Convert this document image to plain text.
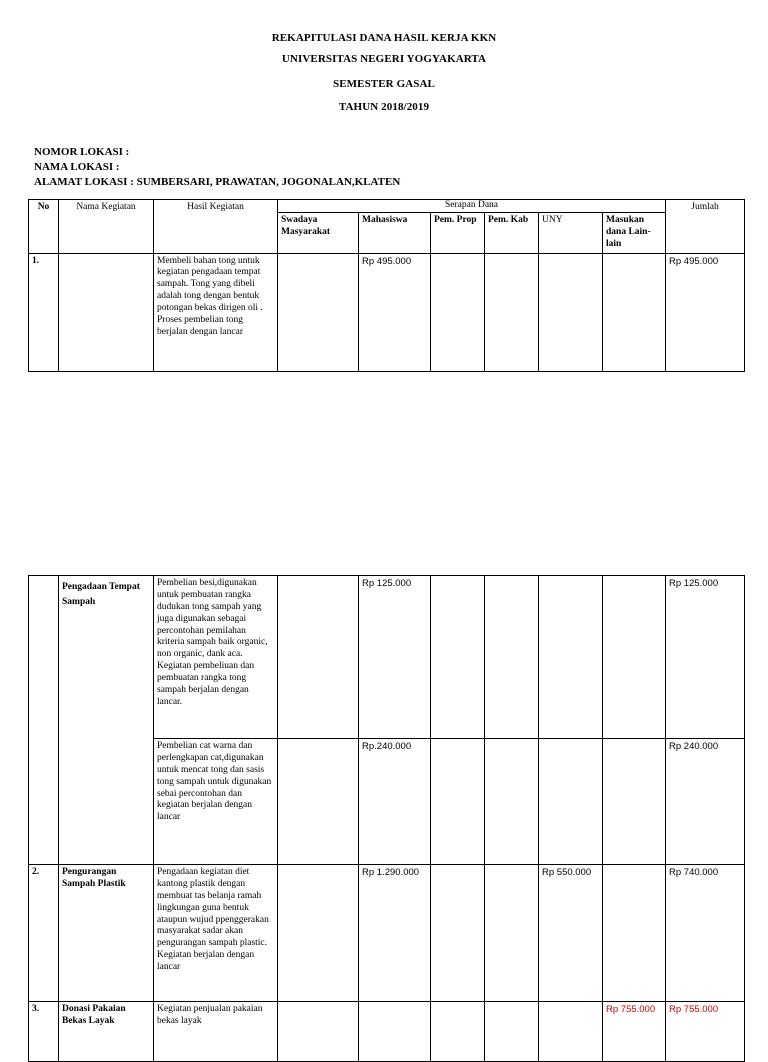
REKAPITULASI DANA HASIL KERJA KKN
UNIVERSITAS NEGERI YOGYAKARTA
SEMESTER GASAL
TAHUN 2018/2019
NOMOR LOKASI :
NAMA LOKASI :
ALAMAT LOKASI : SUMBERSARI, PRAWATAN, JOGONALAN,KLATEN
No	Nama Kegiatan	Hasil Kegiatan	Serapan Dana						Jumlah
			Swadaya Masyarakat	Mahasiswa	Pem. Prop	Pem. Kab	UNY	Masukan dana Lain-lain	
1.		Membeli bahan tong untuk kegiatan pengadaan tempat sampah. Tong yang dibeli adalah tong dengan bentuk potongan bekas dirigen oli . Proses pembelian tong berjalan dengan lancar		Rp 495.000					Rp 495.000
	Pengadaan Tempat Sampah	Pembelian besi,digunakan untuk pembuatan rangka dudukan tong sampah yang juga digunakan sebagai percontohan pemilahan kriteria sampah baik organic, non organic, dank aca. Kegiatan pembeliuan dan pembuatan rangka tong sampah berjalan dengan lancar.		Rp 125.000					Rp 125.000
		Pembelian cat warna dan perlengkapan cat,digunakan untuk mencat tong dan sasis tong sampah untuk digunakan sebai percontohan dan kegiatan berjalan dengan lancar		Rp.240.000					Rp 240.000
2.	Pengurangan Sampah Plastik	Pengadaan kegiatan diet kantong plastik dengan membuat tas belanja ramah lingkungan guna bentuk ataupun wujud ppenggerakan masyarakat sadar akan pengurangan sampah plastic. Kegiatan berjalan dengan lancar		Rp 1.290.000			Rp 550.000		Rp 740.000
3.	Donasi Pakaian Bekas Layak	Kegiatan penjualan pakaian bekas layak						Rp 755.000	Rp 755.000
